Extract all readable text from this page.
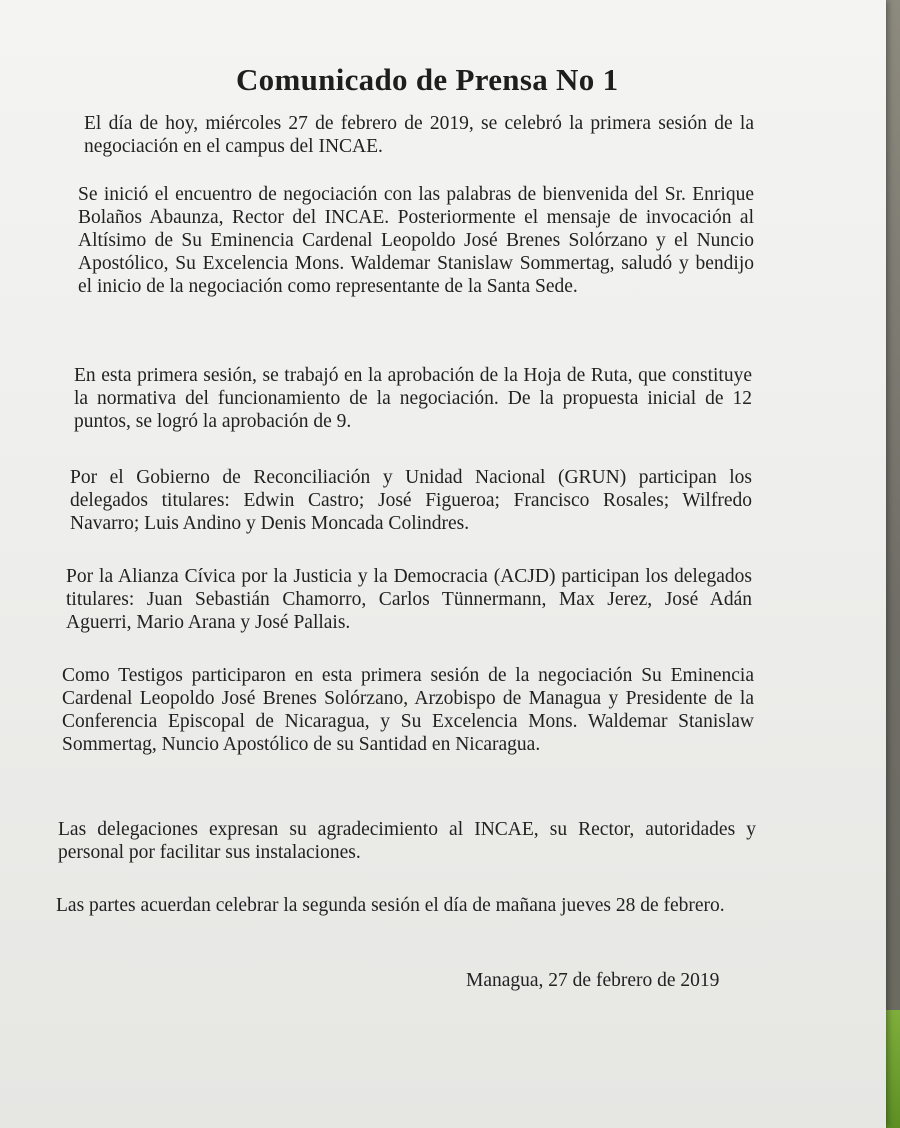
Comunicado de Prensa No 1

El día de hoy, miércoles 27 de febrero de 2019, se celebró la primera sesión de la negociación en el campus del INCAE.

Se inició el encuentro de negociación con las palabras de bienvenida del Sr. Enrique Bolaños Abaunza, Rector del INCAE. Posteriormente el mensaje de invocación al Altísimo de Su Eminencia Cardenal Leopoldo José Brenes Solórzano y el Nuncio Apostólico, Su Excelencia Mons. Waldemar Stanislaw Sommertag, saludó y bendijo el inicio de la negociación como representante de la Santa Sede.

En esta primera sesión, se trabajó en la aprobación de la Hoja de Ruta, que constituye la normativa del funcionamiento de la negociación. De la propuesta inicial de 12 puntos, se logró la aprobación de 9.

Por el Gobierno de Reconciliación y Unidad Nacional (GRUN) participan los delegados titulares: Edwin Castro; José Figueroa; Francisco Rosales; Wilfredo Navarro; Luis Andino y Denis Moncada Colindres.

Por la Alianza Cívica por la Justicia y la Democracia (ACJD) participan los delegados titulares: Juan Sebastián Chamorro, Carlos Tünnermann, Max Jerez, José Adán Aguerri, Mario Arana y José Pallais.

Como Testigos participaron en esta primera sesión de la negociación Su Eminencia Cardenal Leopoldo José Brenes Solórzano, Arzobispo de Managua y Presidente de la Conferencia Episcopal de Nicaragua, y Su Excelencia Mons. Waldemar Stanislaw Sommertag, Nuncio Apostólico de su Santidad en Nicaragua.

Las delegaciones expresan su agradecimiento al INCAE, su Rector, autoridades y personal por facilitar sus instalaciones.

Las partes acuerdan celebrar la segunda sesión el día de mañana jueves 28 de febrero.

Managua, 27 de febrero de 2019
